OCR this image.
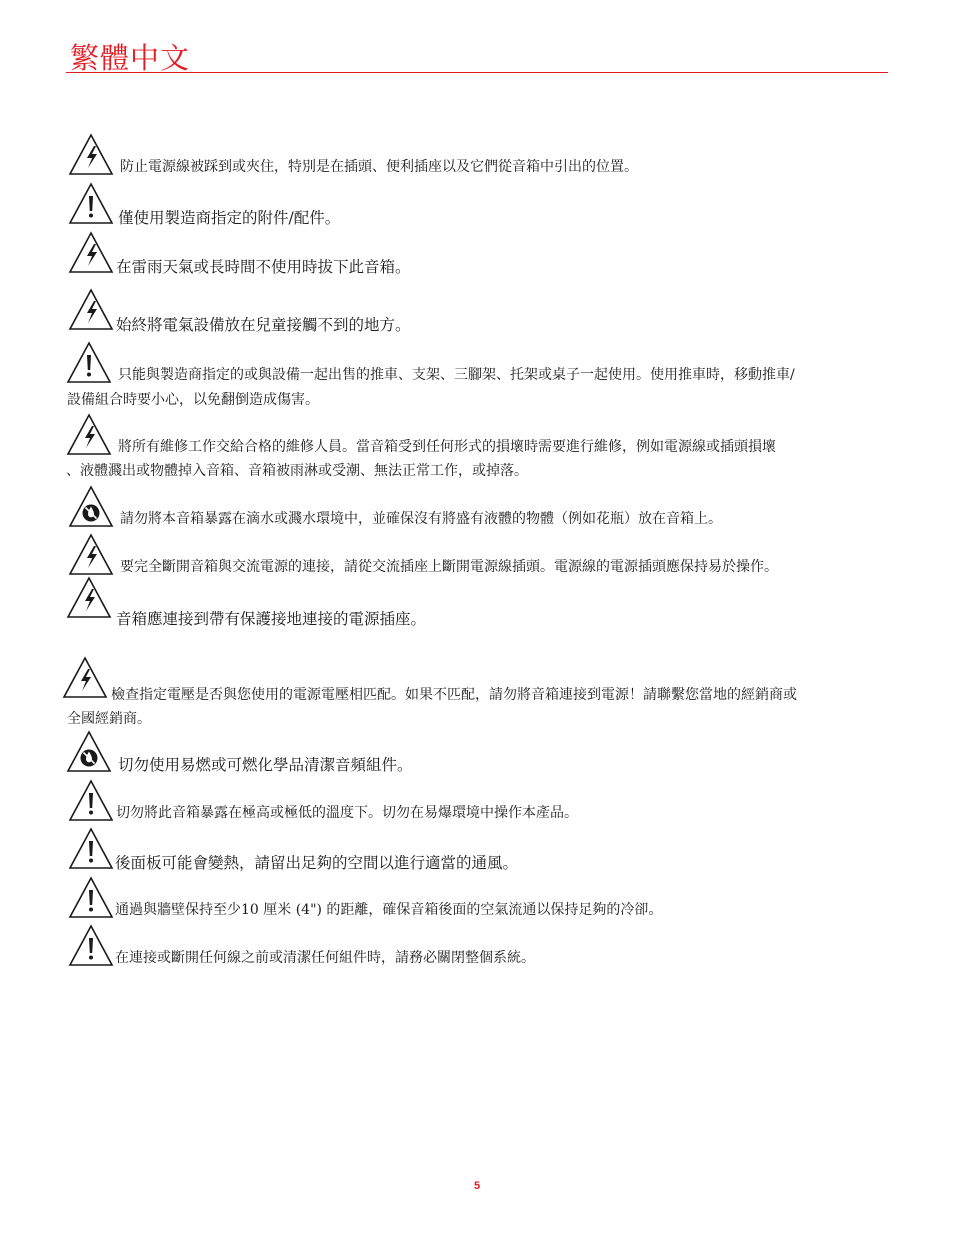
繁體中文
防止電源線被踩到或夾住，特別是在插頭、便利插座以及它們從音箱中引出的位置。
僅使用製造商指定的附件/配件。
在雷雨天氣或長時間不使用時拔下此音箱。
始終將電氣設備放在兒童接觸不到的地方。
只能與製造商指定的或與設備一起出售的推車、支架、三腳架、托架或桌子一起使用。使用推車時，移動推車/
設備組合時要小心，以免翻倒造成傷害。
將所有維修工作交給合格的維修人員。當音箱受到任何形式的損壞時需要進行維修，例如電源線或插頭損壞
、液體濺出或物體掉入音箱、音箱被雨淋或受潮、無法正常工作，或掉落。
請勿將本音箱暴露在滴水或濺水環境中，並確保沒有將盛有液體的物體（例如花瓶）放在音箱上。
要完全斷開音箱與交流電源的連接，請從交流插座上斷開電源線插頭。電源線的電源插頭應保持易於操作。
音箱應連接到帶有保護接地連接的電源插座。
檢查指定電壓是否與您使用的電源電壓相匹配。如果不匹配，請勿將音箱連接到電源！請聯繫您當地的經銷商或
全國經銷商。
切勿使用易燃或可燃化學品清潔音頻組件。
切勿將此音箱暴露在極高或極低的溫度下。切勿在易爆環境中操作本產品。
後面板可能會變熱，請留出足夠的空間以進行適當的通風。
通過與牆壁保持至少10 厘米 (4") 的距離，確保音箱後面的空氣流通以保持足夠的冷卻。
在連接或斷開任何線之前或清潔任何組件時，請務必關閉整個系統。
5
